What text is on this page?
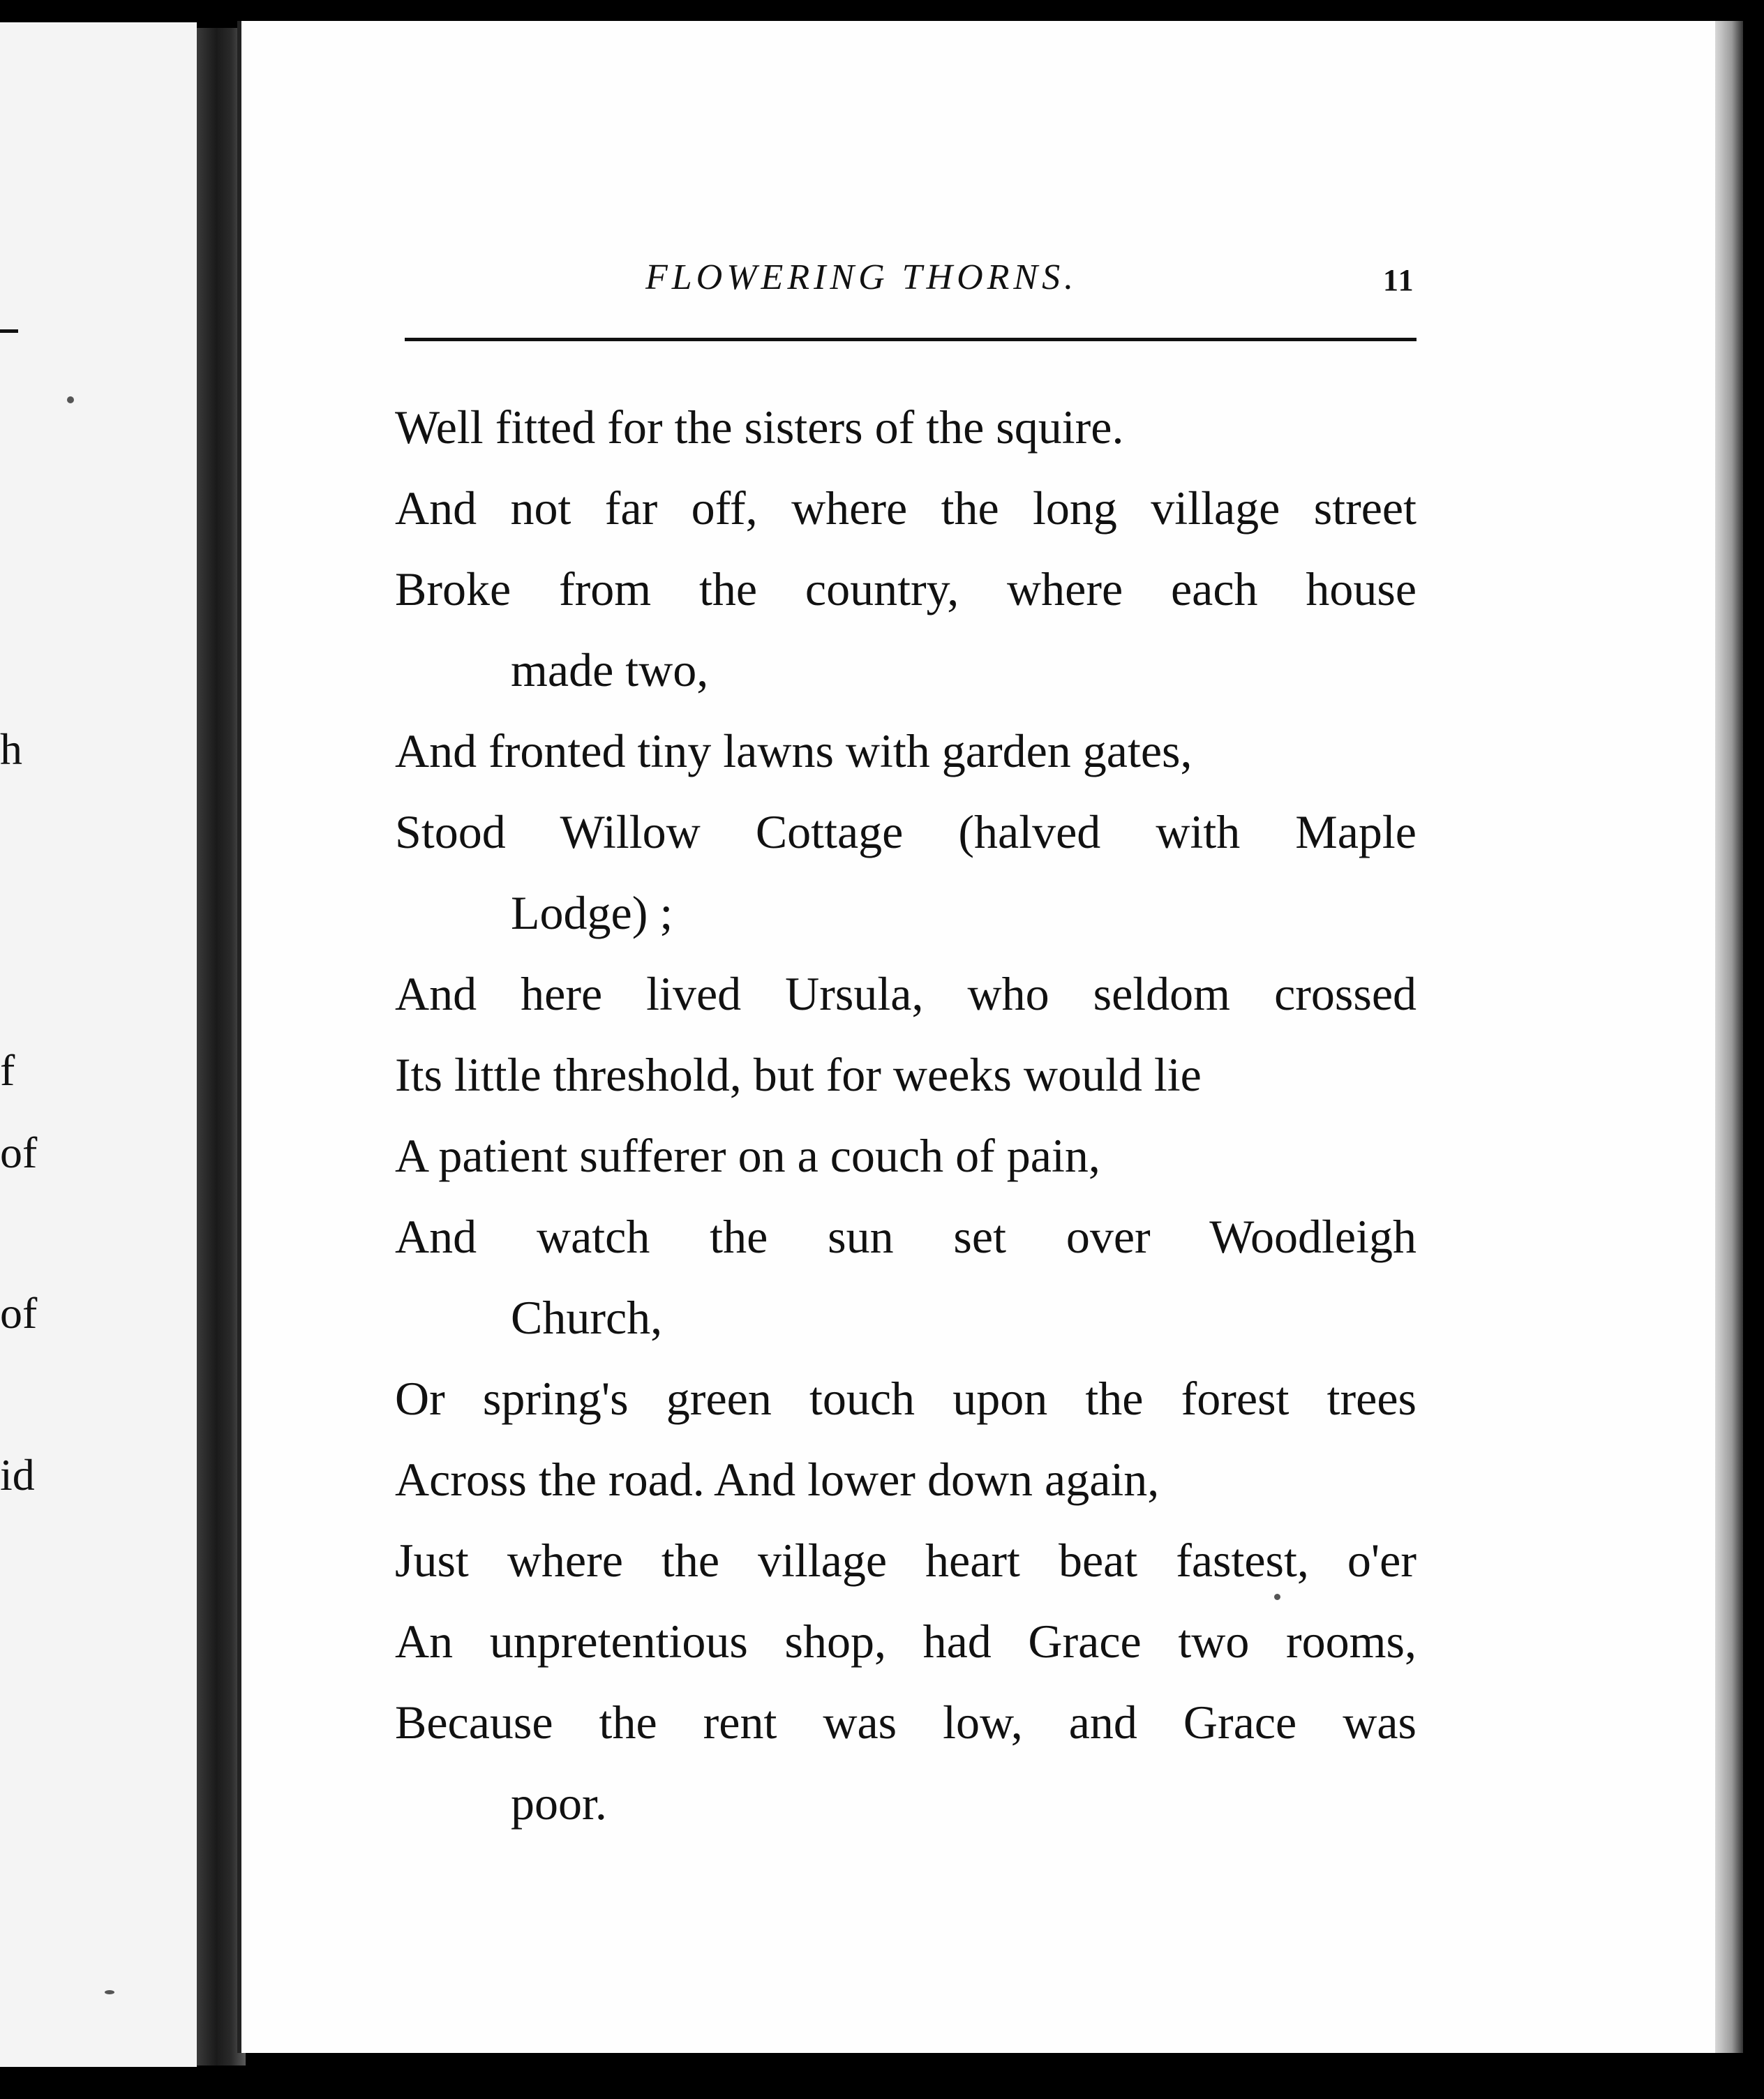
h
f
of
of
id
FLOWERING THORNS.	11
Well fitted for the sisters of the squire.
And not far off, where the long village street
Broke from the country, where each house
made two,
And fronted tiny lawns with garden gates,
Stood Willow Cottage (halved with Maple
Lodge) ;
And here lived Ursula, who seldom crossed
Its little threshold, but for weeks would lie
A patient sufferer on a couch of pain,
And watch the sun set over Woodleigh
Church,
Or spring's green touch upon the forest trees
Across the road. And lower down again,
Just where the village heart beat fastest, o'er
An unpretentious shop, had Grace two rooms,
Because the rent was low, and Grace was
poor.
